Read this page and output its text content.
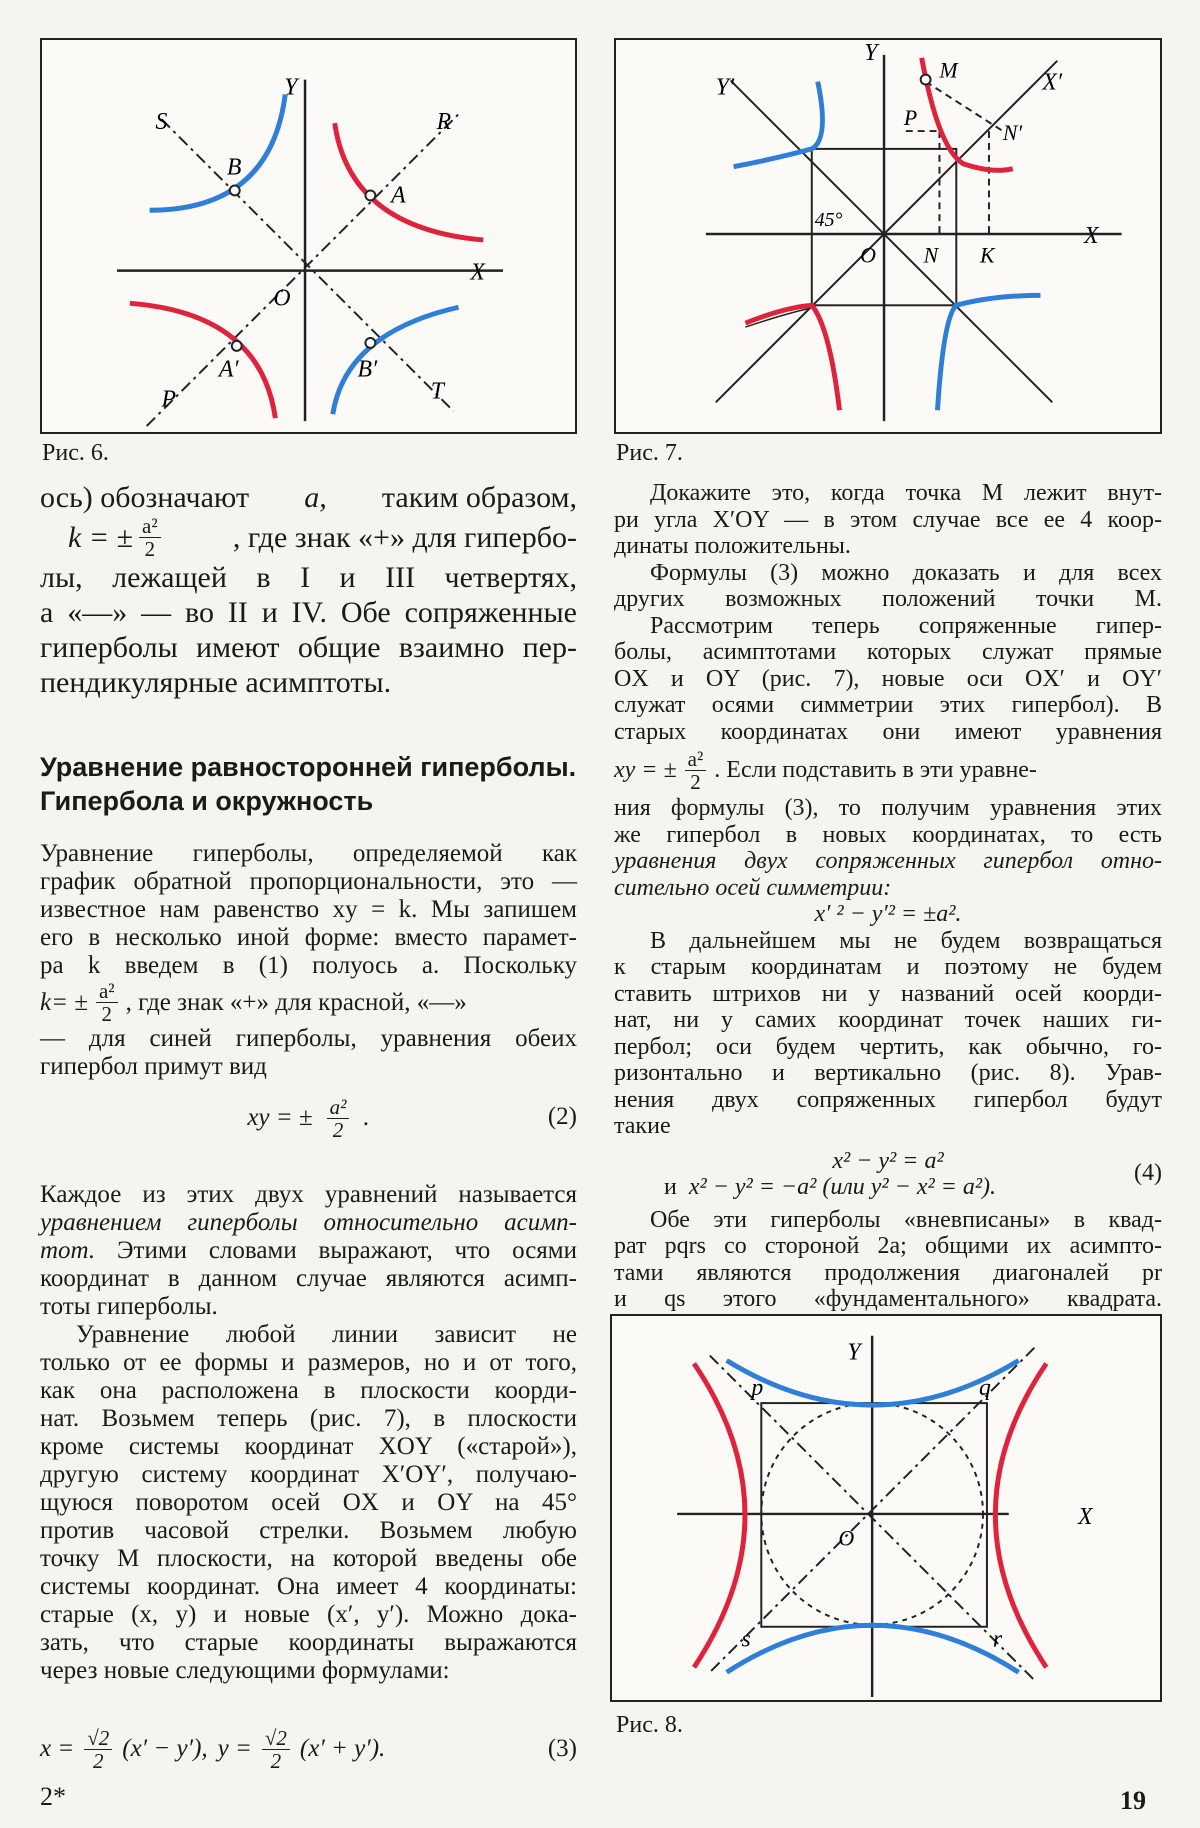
S
Y
R
B
A
X
O
A′	B′
P	T
Рис. 6.
Y′
Y
M	X′
P
N′
45°
O N K
X
Рис. 7.
Y
p	q
X
O
s	r
Рис. 8.

ось) обозначают a, таким образом,

k = ± $\frac{\text{a²}}{2}$ , где знак «+» для гипербо-

лы, лежащей в I и III четвертях,

а «—» — во II и IV. Обе сопряженные

гиперболы имеют общие взаимно пер-

пендикулярные асимптоты.

Уравнение равносторонней гиперболы.

Гипербола и окружность

Уравнение гиперболы, определяемой как

график обратной пропорциональности, это —

известное нам равенство xy = k. Мы запишем

его в несколько иной форме: вместо парамет-

ра k введем в (1) полуось a. Поскольку

$k= \pm \frac{\text{a²}}{2}$ , где знак «+» для красной, «—»

— для синей гиперболы, уравнения обеих

гипербол примут вид

xy = ± $\frac{\text{a²}}{2}$ .	(2)

Каждое из этих двух уравнений называется

уравнением гиперболы относительно асимп-

тот. Этими словами выражают, что осями

координат в данном случае являются асимп-

тоты гиперболы.

Уравнение любой линии зависит не

только от ее формы и размеров, но и от того,

как она расположена в плоскости коорди-

нат. Возьмем теперь (рис. 7), в плоскости

кроме системы координат XOY («старой»),

другую систему координат X′OY′, получаю-

щуюся поворотом осей OX и OY на 45°

против часовой стрелки. Возьмем любую

точку M плоскости, на которой введены обе

системы координат. Она имеет 4 координаты:

старые (x, y) и новые (x′, y′). Можно дока-

зать, что старые координаты выражаются

через новые следующими формулами:

$x = \frac{√2}{2} (x' - y')$, $y = \frac{√2}{2} (x' + y')$.	(3)

Докажите это, когда точка M лежит внут-

ри угла X′OY — в этом случае все ее 4 коор-

динаты положительны.

Формулы (3) можно доказать и для всех

других возможных положений точки M.

Рассмотрим теперь сопряженные гипер-

болы, асимптотами которых служат прямые

OX и OY (рис. 7), новые оси OX′ и OY′

служат осями симметрии этих гипербол). В

старых координатах они имеют уравнения

xy = ± $\frac{\text{a²}}{2}$ . Если подставить в эти уравне-

ния формулы (3), то получим уравнения этих

же гипербол в новых координатах, то есть

уравнения двух сопряженных гипербол отно-

сительно осей симметрии:

x′ ² − y′² = ±a².

В дальнейшем мы не будем возвращаться

к старым координатам и поэтому не будем

ставить штрихов ни у названий осей коорди-

нат, ни у самих координат точек наших ги-

пербол; оси будем чертить, как обычно, го-

ризонтально и вертикально (рис. 8). Урав-

нения двух сопряженных гипербол будут

такие

x² − y² = a²

и x² − y² = −a² (или y² − x² = a²).

(4)

Обе эти гиперболы «вневписаны» в квад-

рат pqrs со стороной 2a; общими их асимпто-

тами являются продолжения диагоналей pr

и qs этого «фундаментального» квадрата.

2*	19
